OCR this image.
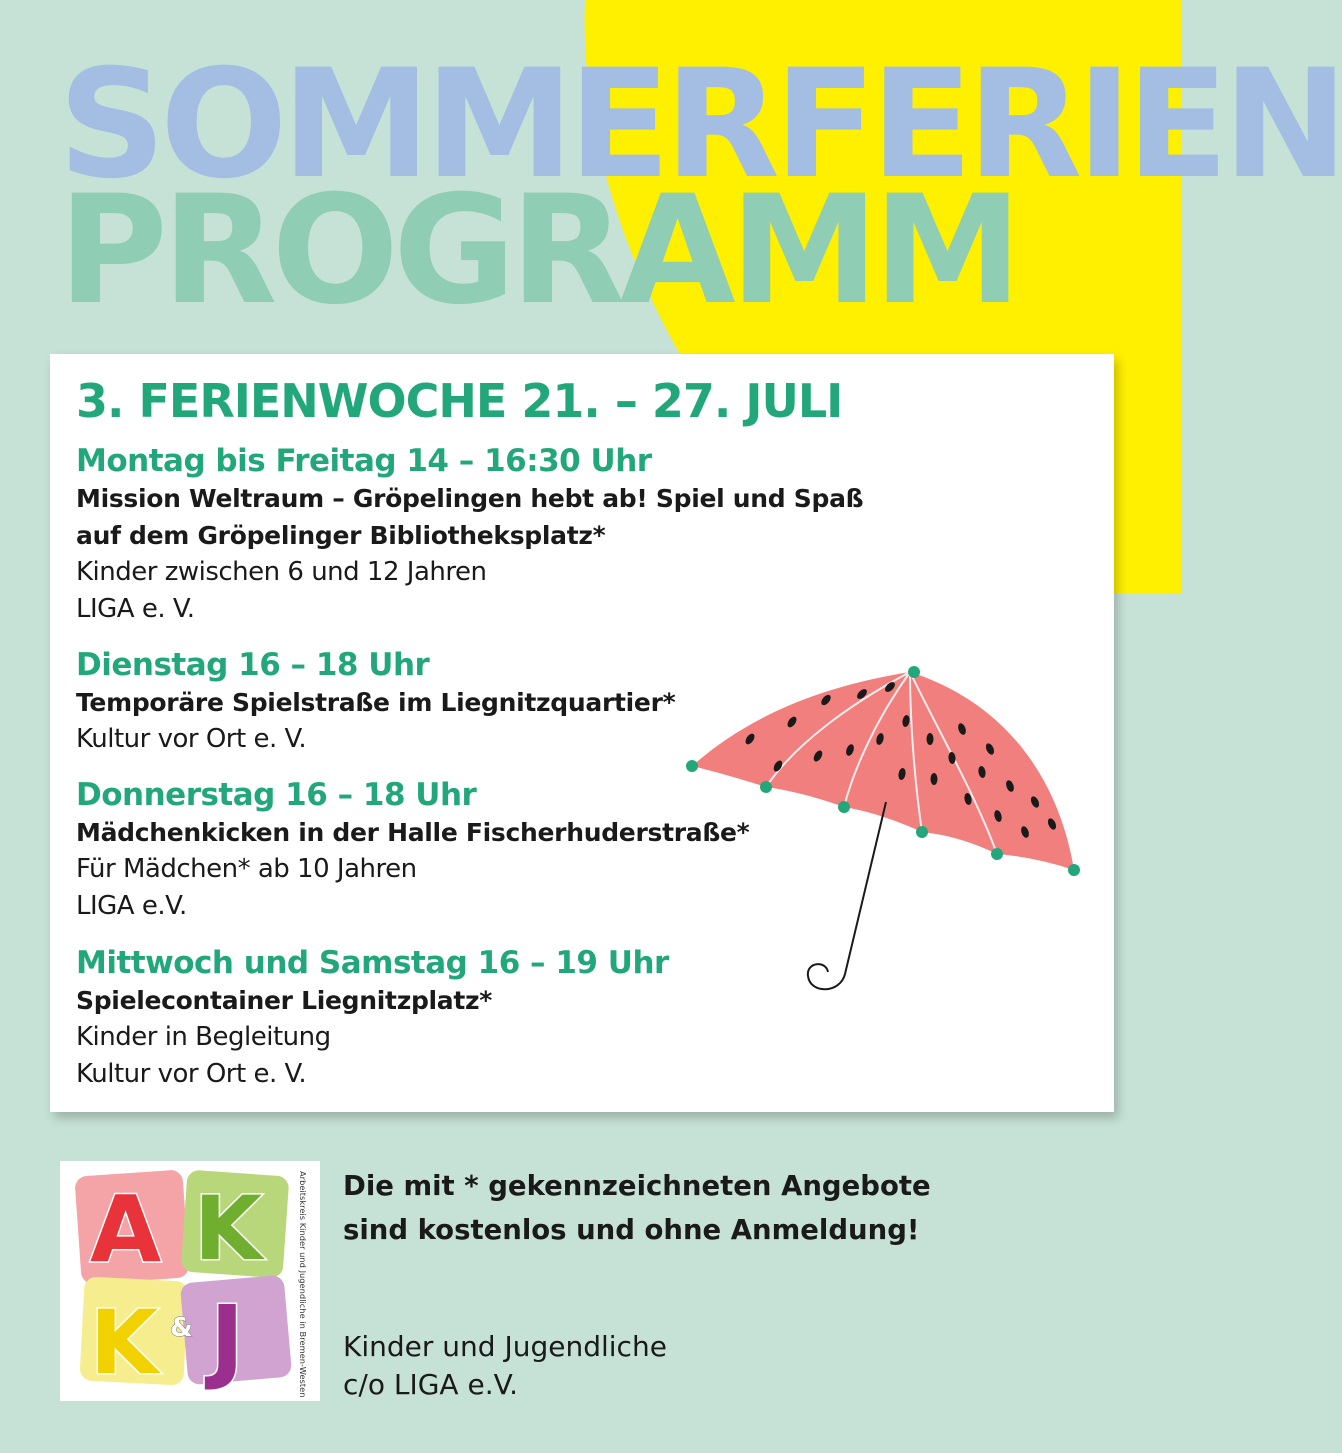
SOMMERFERIEN
PROGRAMM
3. FERIENWOCHE 21. – 27. JULI
Montag bis Freitag 14 – 16:30 Uhr
Mission Weltraum – Gröpelingen hebt ab! Spiel und Spaß
auf dem Gröpelinger Bibliotheksplatz*
Kinder zwischen 6 und 12 Jahren
LIGA e. V.
Dienstag 16 – 18 Uhr
Temporäre Spielstraße im Liegnitzquartier*
Kultur vor Ort e. V.
Donnerstag 16 – 18 Uhr
Mädchenkicken in der Halle Fischerhuderstraße*
Für Mädchen* ab 10 Jahren
LIGA e.V.
Mittwoch und Samstag 16 – 19 Uhr
Spielecontainer Liegnitzplatz*
Kinder in Begleitung
Kultur vor Ort e. V.
A K
K & J	Arbeitskreis Kinder und Jugendliche in Bremen-Westen Die mit * gekennzeichneten Angebote
sind kostenlos und ohne Anmeldung!
Kinder und Jugendliche
c/o LIGA e.V.
